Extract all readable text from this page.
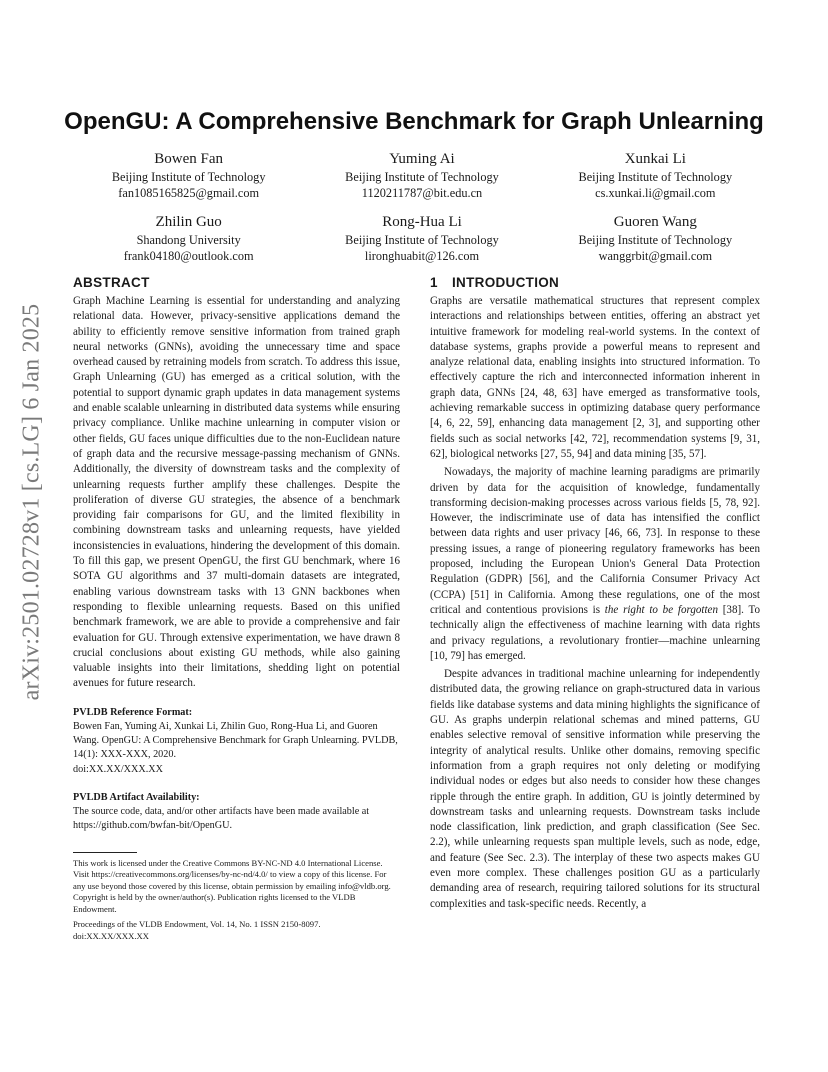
arXiv:2501.02728v1 [cs.LG] 6 Jan 2025
OpenGU: A Comprehensive Benchmark for Graph Unlearning
Bowen Fan
Beijing Institute of Technology
fan1085165825@gmail.com
Yuming Ai
Beijing Institute of Technology
1120211787@bit.edu.cn
Xunkai Li
Beijing Institute of Technology
cs.xunkai.li@gmail.com
Zhilin Guo
Shandong University
frank04180@outlook.com
Rong-Hua Li
Beijing Institute of Technology
lironghuabit@126.com
Guoren Wang
Beijing Institute of Technology
wanggrbit@gmail.com
ABSTRACT

Graph Machine Learning is essential for understanding and analyzing relational data. However, privacy-sensitive applications demand the ability to efficiently remove sensitive information from trained graph neural networks (GNNs), avoiding the unnecessary time and space overhead caused by retraining models from scratch. To address this issue, Graph Unlearning (GU) has emerged as a critical solution, with the potential to support dynamic graph updates in data management systems and enable scalable unlearning in distributed data systems while ensuring privacy compliance. Unlike machine unlearning in computer vision or other fields, GU faces unique difficulties due to the non-Euclidean nature of graph data and the recursive message-passing mechanism of GNNs. Additionally, the diversity of downstream tasks and the complexity of unlearning requests further amplify these challenges. Despite the proliferation of diverse GU strategies, the absence of a benchmark providing fair comparisons for GU, and the limited flexibility in combining downstream tasks and unlearning requests, have yielded inconsistencies in evaluations, hindering the development of this domain. To fill this gap, we present OpenGU, the first GU benchmark, where 16 SOTA GU algorithms and 37 multi-domain datasets are integrated, enabling various downstream tasks with 13 GNN backbones when responding to flexible unlearning requests. Based on this unified benchmark framework, we are able to provide a comprehensive and fair evaluation for GU. Through extensive experimentation, we have drawn 8 crucial conclusions about existing GU methods, while also gaining valuable insights into their limitations, shedding light on potential avenues for future research.

PVLDB Reference Format:
Bowen Fan, Yuming Ai, Xunkai Li, Zhilin Guo, Rong-Hua Li, and Guoren Wang. OpenGU: A Comprehensive Benchmark for Graph Unlearning. PVLDB, 14(1): XXX-XXX, 2020.
doi:XX.XX/XXX.XX
PVLDB Artifact Availability:
The source code, data, and/or other artifacts have been made available at https://github.com/bwfan-bit/OpenGU.
This work is licensed under the Creative Commons BY-NC-ND 4.0 International License. Visit https://creativecommons.org/licenses/by-nc-nd/4.0/ to view a copy of this license. For any use beyond those covered by this license, obtain permission by emailing info@vldb.org. Copyright is held by the owner/author(s). Publication rights licensed to the VLDB Endowment.
Proceedings of the VLDB Endowment, Vol. 14, No. 1 ISSN 2150-8097.
doi:XX.XX/XXX.XX
1 INTRODUCTION

Graphs are versatile mathematical structures that represent complex interactions and relationships between entities, offering an abstract yet intuitive framework for modeling real-world systems. In the context of database systems, graphs provide a powerful means to represent and analyze relational data, enabling insights into structured information. To effectively capture the rich and interconnected information inherent in graph data, GNNs [24, 48, 63] have emerged as transformative tools, achieving remarkable success in optimizing database query performance [4, 6, 22, 59], enhancing data management [2, 3], and supporting other fields such as social networks [42, 72], recommendation systems [9, 31, 62], biological networks [27, 55, 94] and data mining [35, 57].

Nowadays, the majority of machine learning paradigms are primarily driven by data for the acquisition of knowledge, fundamentally transforming decision-making processes across various fields [5, 78, 92]. However, the indiscriminate use of data has intensified the conflict between data rights and user privacy [46, 66, 73]. In response to these pressing issues, a range of pioneering regulatory frameworks has been proposed, including the European Union's General Data Protection Regulation (GDPR) [56], and the California Consumer Privacy Act (CCPA) [51] in California. Among these regulations, one of the most critical and contentious provisions is the right to be forgotten [38]. To technically align the effectiveness of machine learning with data rights and privacy regulations, a revolutionary frontier—machine unlearning [10, 79] has emerged.

Despite advances in traditional machine unlearning for independently distributed data, the growing reliance on graph-structured data in various fields like database systems and data mining highlights the significance of GU. As graphs underpin relational schemas and mined patterns, GU enables selective removal of sensitive information while preserving the integrity of analytical results. Unlike other domains, removing specific information from a graph requires not only deleting or modifying individual nodes or edges but also needs to consider how these changes ripple through the entire graph. In addition, GU is jointly determined by downstream tasks and unlearning requests. Downstream tasks include node classification, link prediction, and graph classification (See Sec. 2.2), while unlearning requests span multiple levels, such as node, edge, and feature (See Sec. 2.3). The interplay of these two aspects makes GU even more complex. These challenges position GU as a particularly demanding area of research, requiring tailored solutions for its structural complexities and task-specific needs. Recently, a
